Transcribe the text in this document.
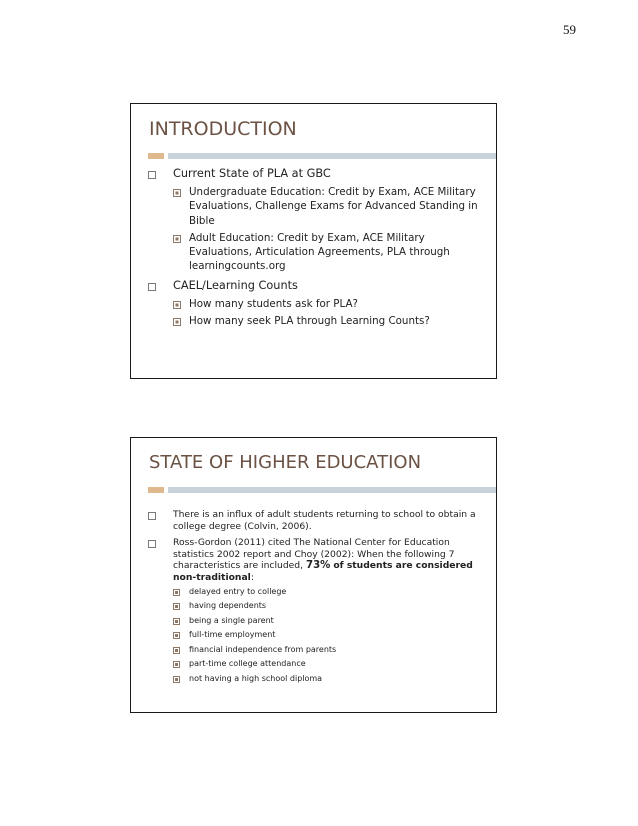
59
INTRODUCTION
Current State of PLA at GBC
Undergraduate Education: Credit by Exam, ACE Military Evaluations, Challenge Exams for Advanced Standing in Bible
Adult Education: Credit by Exam, ACE Military Evaluations, Articulation Agreements, PLA through learningcounts.org
CAEL/Learning Counts
How many students ask for PLA?
How many seek PLA through Learning Counts?
STATE OF HIGHER EDUCATION
There is an influx of adult students returning to school to obtain a college degree (Colvin, 2006).
Ross-Gordon (2011) cited The National Center for Education statistics 2002 report and Choy (2002): When the following 7 characteristics are included, 73% of students are considered non-traditional:
delayed entry to college
having dependents
being a single parent
full-time employment
financial independence from parents
part-time college attendance
not having a high school diploma
